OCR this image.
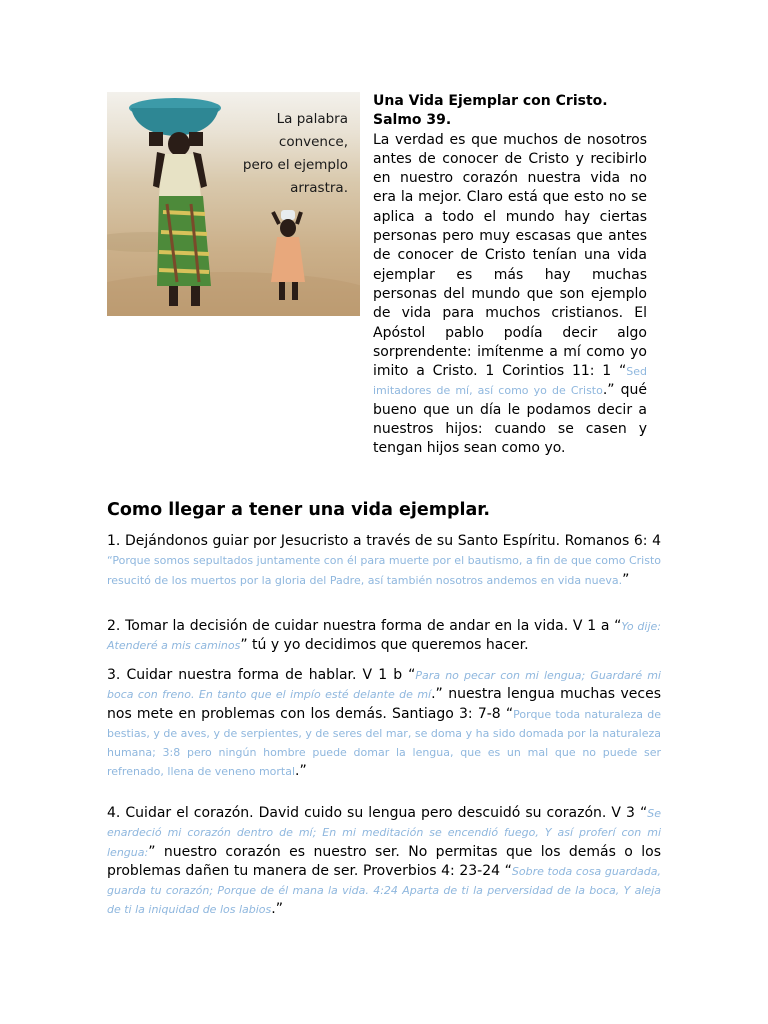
La palabra
convence,
pero el ejemplo
arrastra.
Una Vida Ejemplar con Cristo.
Salmo 39.
La verdad es que muchos de nosotros antes de conocer de Cristo y recibirlo en nuestro corazón nuestra vida no era la mejor. Claro está que esto no se aplica a todo el mundo hay ciertas personas pero muy escasas que antes de conocer de Cristo tenían una vida ejemplar es más hay muchas personas del mundo que son ejemplo de vida para muchos cristianos. El Apóstol pablo podía decir algo sorprendente: imítenme a mí como yo imito a Cristo. 1 Corintios 11: 1 “Sed imitadores de mí, así como yo de Cristo.” qué bueno que un día le podamos decir a nuestros hijos: cuando se casen y tengan hijos sean como yo.
Como llegar a tener una vida ejemplar.

1. Dejándonos guiar por Jesucristo a través de su Santo Espíritu. Romanos 6: 4 “Porque somos sepultados juntamente con él para muerte por el bautismo, a fin de que como Cristo resucitó de los muertos por la gloria del Padre, así también nosotros andemos en vida nueva.”

2. Tomar la decisión de cuidar nuestra forma de andar en la vida. V 1 a “Yo dije: Atenderé a mis caminos” tú y yo decidimos que queremos hacer.

3. Cuidar nuestra forma de hablar. V 1 b “Para no pecar con mi lengua; Guardaré mi boca con freno. En tanto que el impío esté delante de mí.” nuestra lengua muchas veces nos mete en problemas con los demás. Santiago 3: 7-8 “Porque toda naturaleza de bestias, y de aves, y de serpientes, y de seres del mar, se doma y ha sido domada por la naturaleza humana; 3:8 pero ningún hombre puede domar la lengua, que es un mal que no puede ser refrenado, llena de veneno mortal.”

4. Cuidar el corazón. David cuido su lengua pero descuidó su corazón. V 3 “Se enardeció mi corazón dentro de mí; En mi meditación se encendió fuego, Y así proferí con mi lengua:” nuestro corazón es nuestro ser. No permitas que los demás o los problemas dañen tu manera de ser. Proverbios 4: 23-24 “Sobre toda cosa guardada, guarda tu corazón; Porque de él mana la vida. 4:24 Aparta de ti la perversidad de la boca, Y aleja de ti la iniquidad de los labios.”
